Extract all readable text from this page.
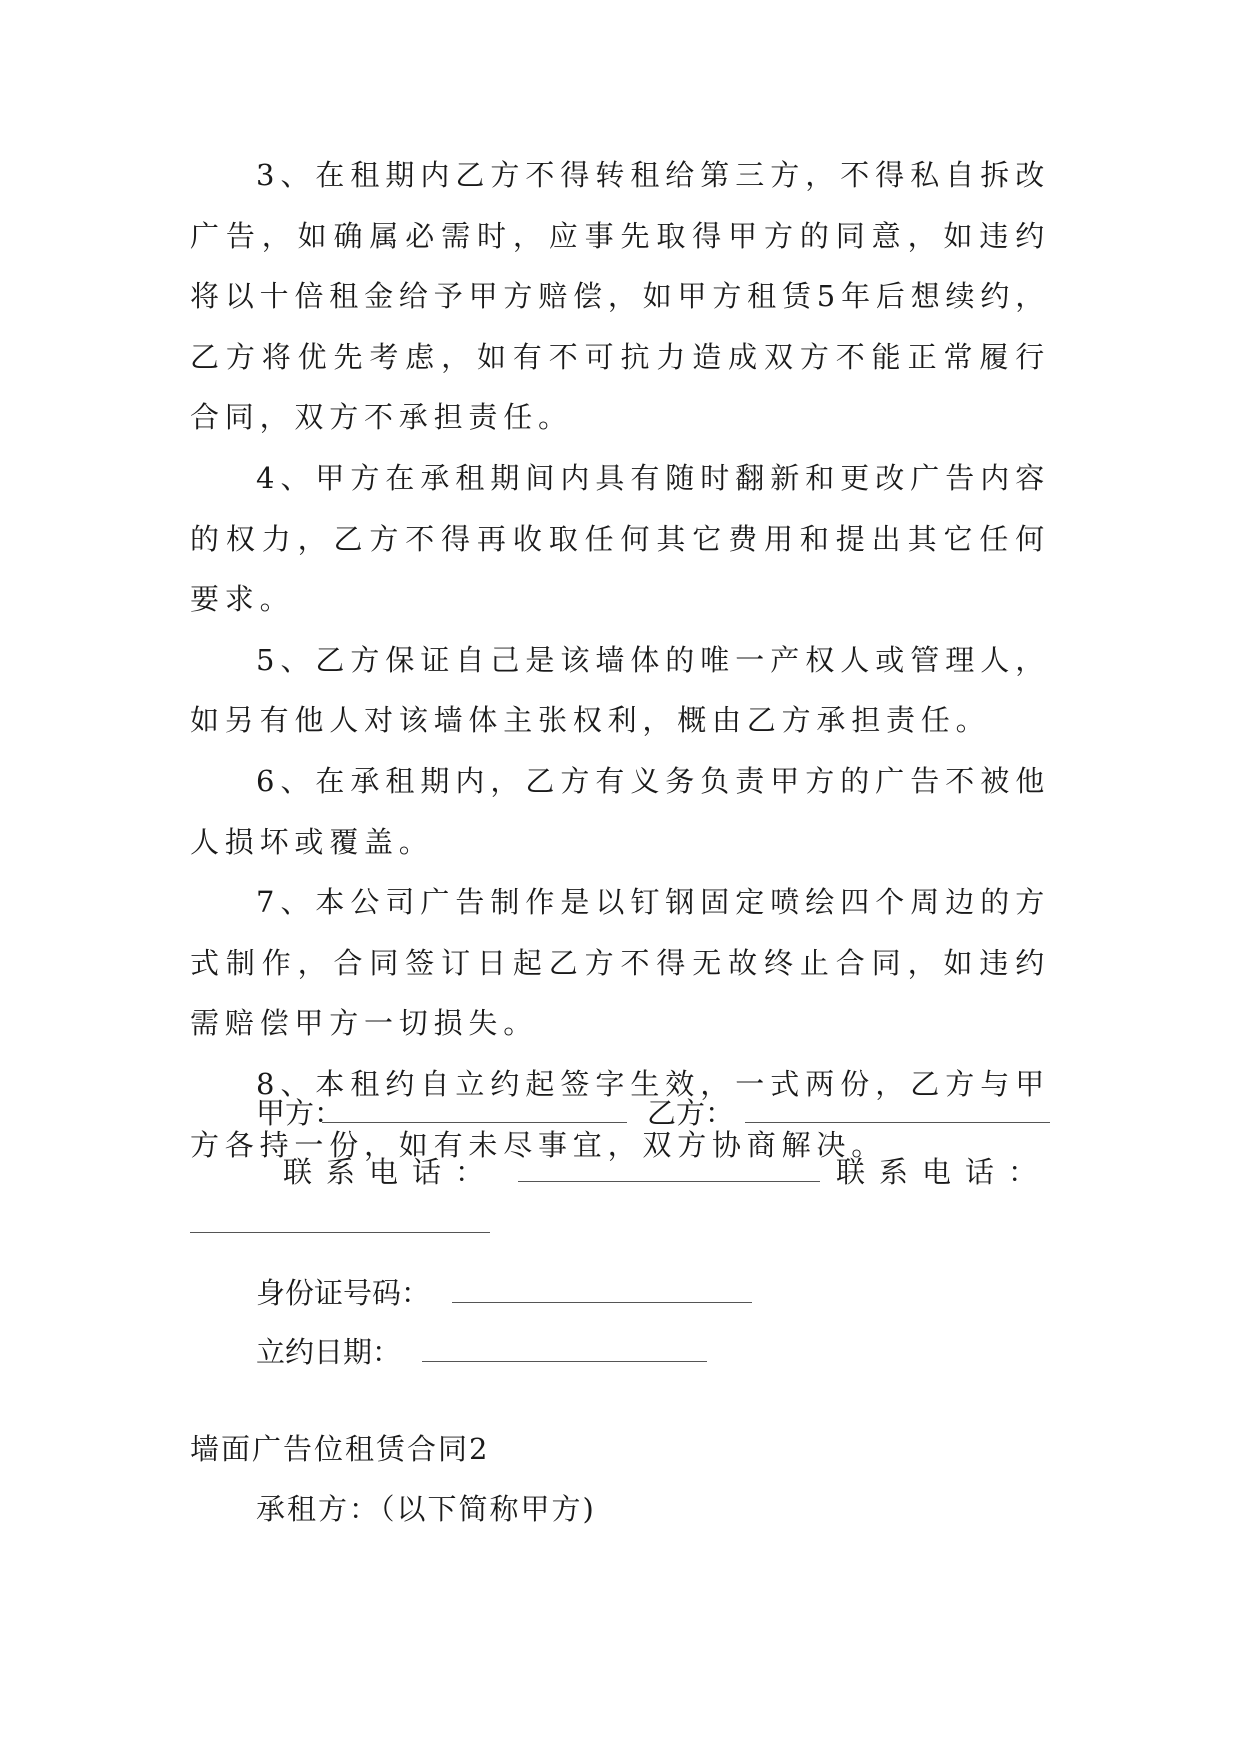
3、在租期内乙方不得转租给第三方，不得私自拆改广告，如确属必需时，应事先取得甲方的同意，如违约将以十倍租金给予甲方赔偿，如甲方租赁5年后想续约，乙方将优先考虑，如有不可抗力造成双方不能正常履行合同，双方不承担责任。

4、甲方在承租期间内具有随时翻新和更改广告内容的权力，乙方不得再收取任何其它费用和提出其它任何要求。

5、乙方保证自己是该墙体的唯一产权人或管理人，如另有他人对该墙体主张权利，概由乙方承担责任。

6、在承租期内，乙方有义务负责甲方的广告不被他人损坏或覆盖。

7、本公司广告制作是以钉钢固定喷绘四个周边的方式制作，合同签订日起乙方不得无故终止合同，如违约需赔偿甲方一切损失。

8、本租约自立约起签字生效，一式两份，乙方与甲方各持一份，如有未尽事宜，双方协商解决。

甲方：	乙方：
联系电话：	联系电话：
身份证号码：
立约日期：
墙面广告位租赁合同2
承租方：（以下简称甲方)
